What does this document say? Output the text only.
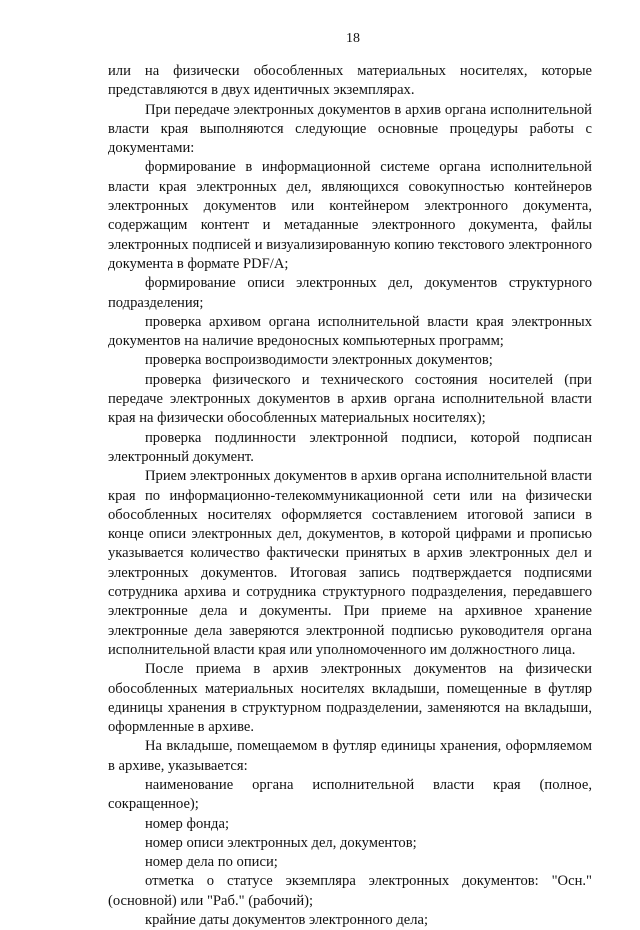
18

или на физически обособленных материальных носителях, которые представляются в двух идентичных экземплярах.

При передаче электронных документов в архив органа исполнительной власти края выполняются следующие основные процедуры работы с документами:

формирование в информационной системе органа исполнительной власти края электронных дел, являющихся совокупностью контейнеров электронных документов или контейнером электронного документа, содержащим контент и метаданные электронного документа, файлы электронных подписей и визуализированную копию текстового электронного документа в формате PDF/A;

формирование описи электронных дел, документов структурного подразделения;

проверка архивом органа исполнительной власти края электронных документов на наличие вредоносных компьютерных программ;

проверка воспроизводимости электронных документов;

проверка физического и технического состояния носителей (при передаче электронных документов в архив органа исполнительной власти края на физически обособленных материальных носителях);

проверка подлинности электронной подписи, которой подписан электронный документ.

Прием электронных документов в архив органа исполнительной власти края по информационно-телекоммуникационной сети или на физически обособленных носителях оформляется составлением итоговой записи в конце описи электронных дел, документов, в которой цифрами и прописью указывается количество фактически принятых в архив электронных дел и электронных документов. Итоговая запись подтверждается подписями сотрудника архива и сотрудника структурного подразделения, передавшего электронные дела и документы. При приеме на архивное хранение электронные дела заверяются электронной подписью руководителя органа исполнительной власти края или уполномоченного им должностного лица.

После приема в архив электронных документов на физически обособленных материальных носителях вкладыши, помещенные в футляр единицы хранения в структурном подразделении, заменяются на вкладыши, оформленные в архиве.

На вкладыше, помещаемом в футляр единицы хранения, оформляемом в архиве, указывается:

наименование органа исполнительной власти края (полное, сокращенное);

номер фонда;

номер описи электронных дел, документов;

номер дела по описи;

отметка о статусе экземпляра электронных документов: "Осн." (основной) или "Раб." (рабочий);

крайние даты документов электронного дела;
